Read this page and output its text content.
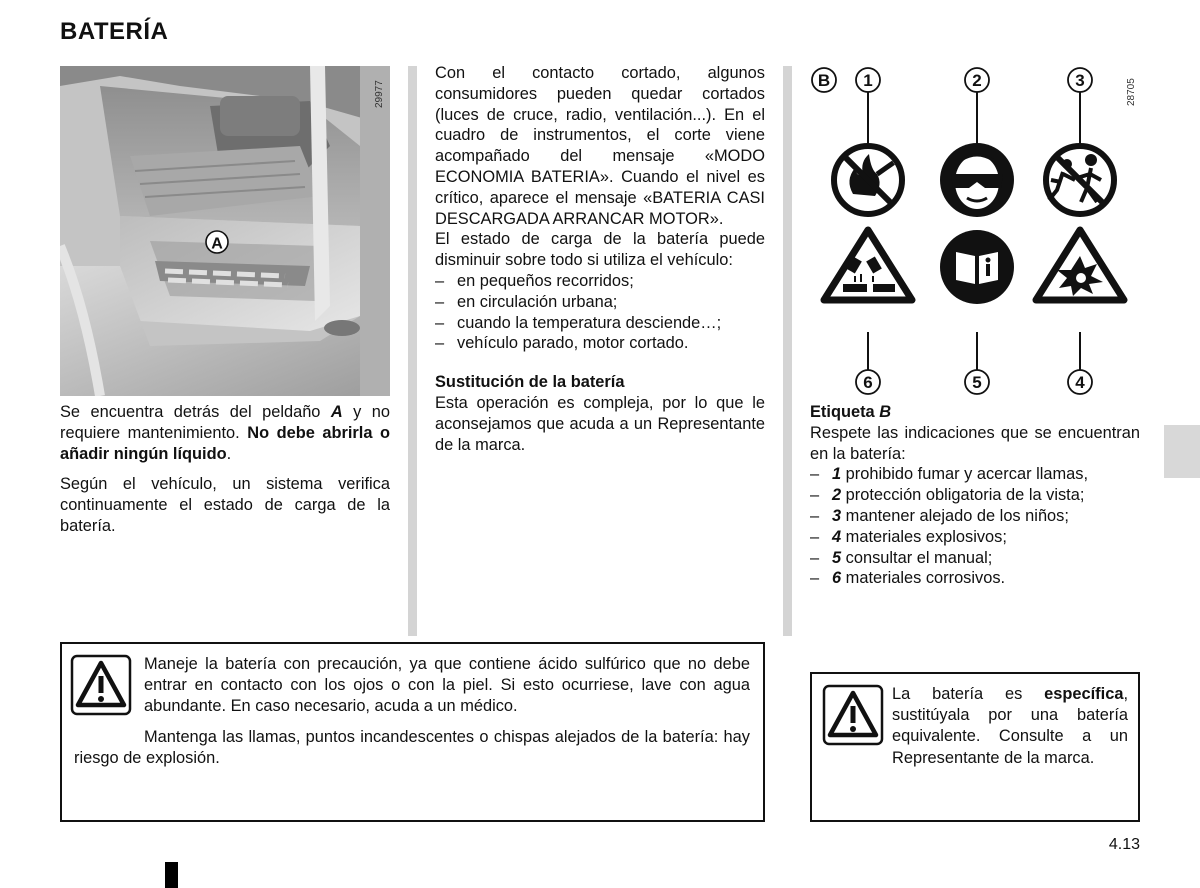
BATERÍA
A
29977

Se encuentra detrás del peldaño A y no requiere mantenimiento. No debe abrirla o añadir ningún líquido.

Según el vehículo, un sistema verifica continuamente el estado de carga de la batería.

Con el contacto cortado, algunos consumidores pueden quedar cortados (luces de cruce, radio, ventilación...). En el cuadro de instrumentos, el corte viene acompañado del mensaje «MODO ECONOMIA BATERIA». Cuando el nivel es crítico, aparece el mensaje «BATERIA CASI DESCARGADA ARRANCAR MOTOR».

El estado de carga de la batería puede disminuir sobre todo si utiliza el vehículo:

– en pequeños recorridos;
– en circulación urbana;
– cuando la temperatura desciende…;
– vehículo parado, motor cortado.

Sustitución de la batería

Esta operación es compleja, por lo que le aconsejamos que acuda a un Representante de la marca.

B 1	2	3
6	5	4
28705

Etiqueta B

Respete las indicaciones que se encuentran en la batería:

– 1 prohibido fumar y acercar llamas,
– 2 protección obligatoria de la vista;
– 3 mantener alejado de los niños;
– 4 materiales explosivos;
– 5 consultar el manual;
– 6 materiales corrosivos.

Maneje la batería con precaución, ya que contiene ácido sulfúrico que no debe entrar en contacto con los ojos o con la piel. Si esto ocurriese, lave con agua abundante. En caso necesario, acuda a un médico.

Mantenga las llamas, puntos incandescentes o chispas alejados de la batería: hay riesgo de explosión.

La batería es específica, sustitúyala por una batería equivalente. Consulte a un Representante de la marca.

4.13
